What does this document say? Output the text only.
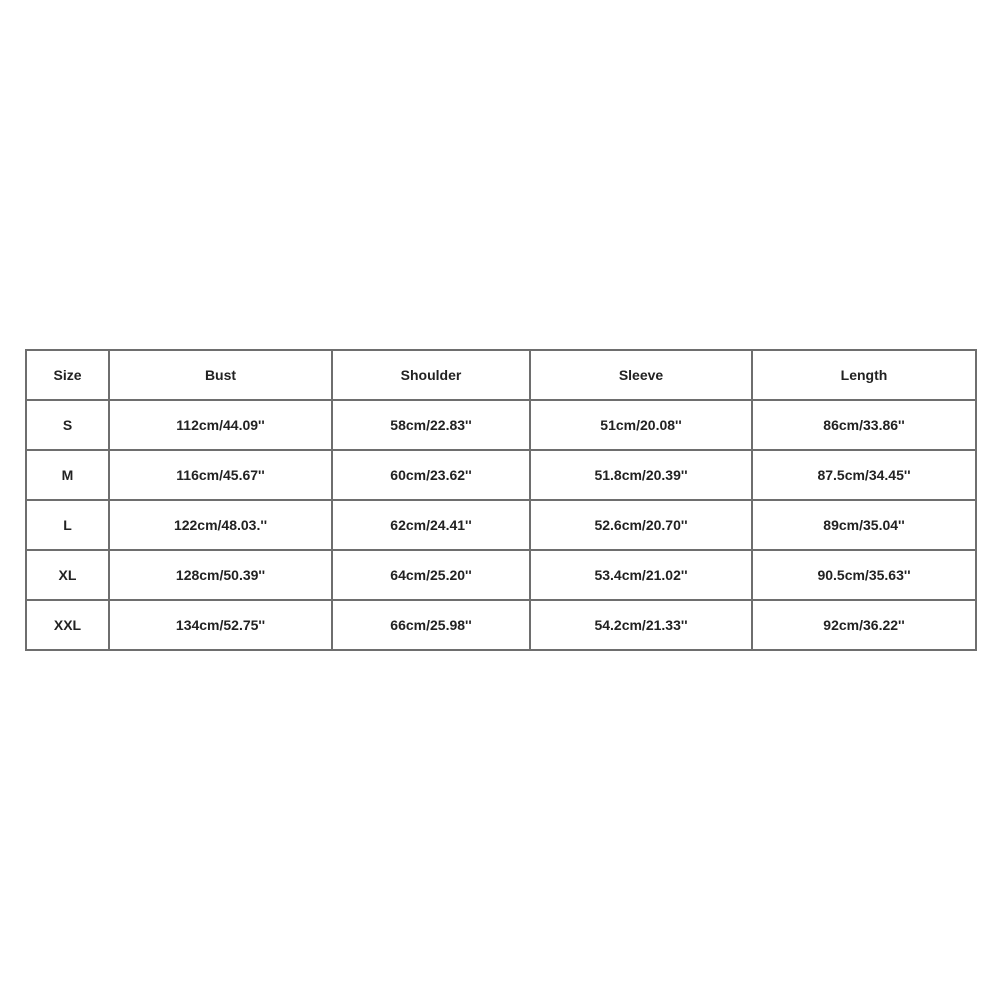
Size	Bust	Shoulder	Sleeve	Length
S	112cm/44.09''	58cm/22.83''	51cm/20.08''	86cm/33.86''
M	116cm/45.67''	60cm/23.62''	51.8cm/20.39''	87.5cm/34.45''
L	122cm/48.03.''	62cm/24.41''	52.6cm/20.70''	89cm/35.04''
XL	128cm/50.39''	64cm/25.20''	53.4cm/21.02''	90.5cm/35.63''
XXL	134cm/52.75''	66cm/25.98''	54.2cm/21.33''	92cm/36.22''
